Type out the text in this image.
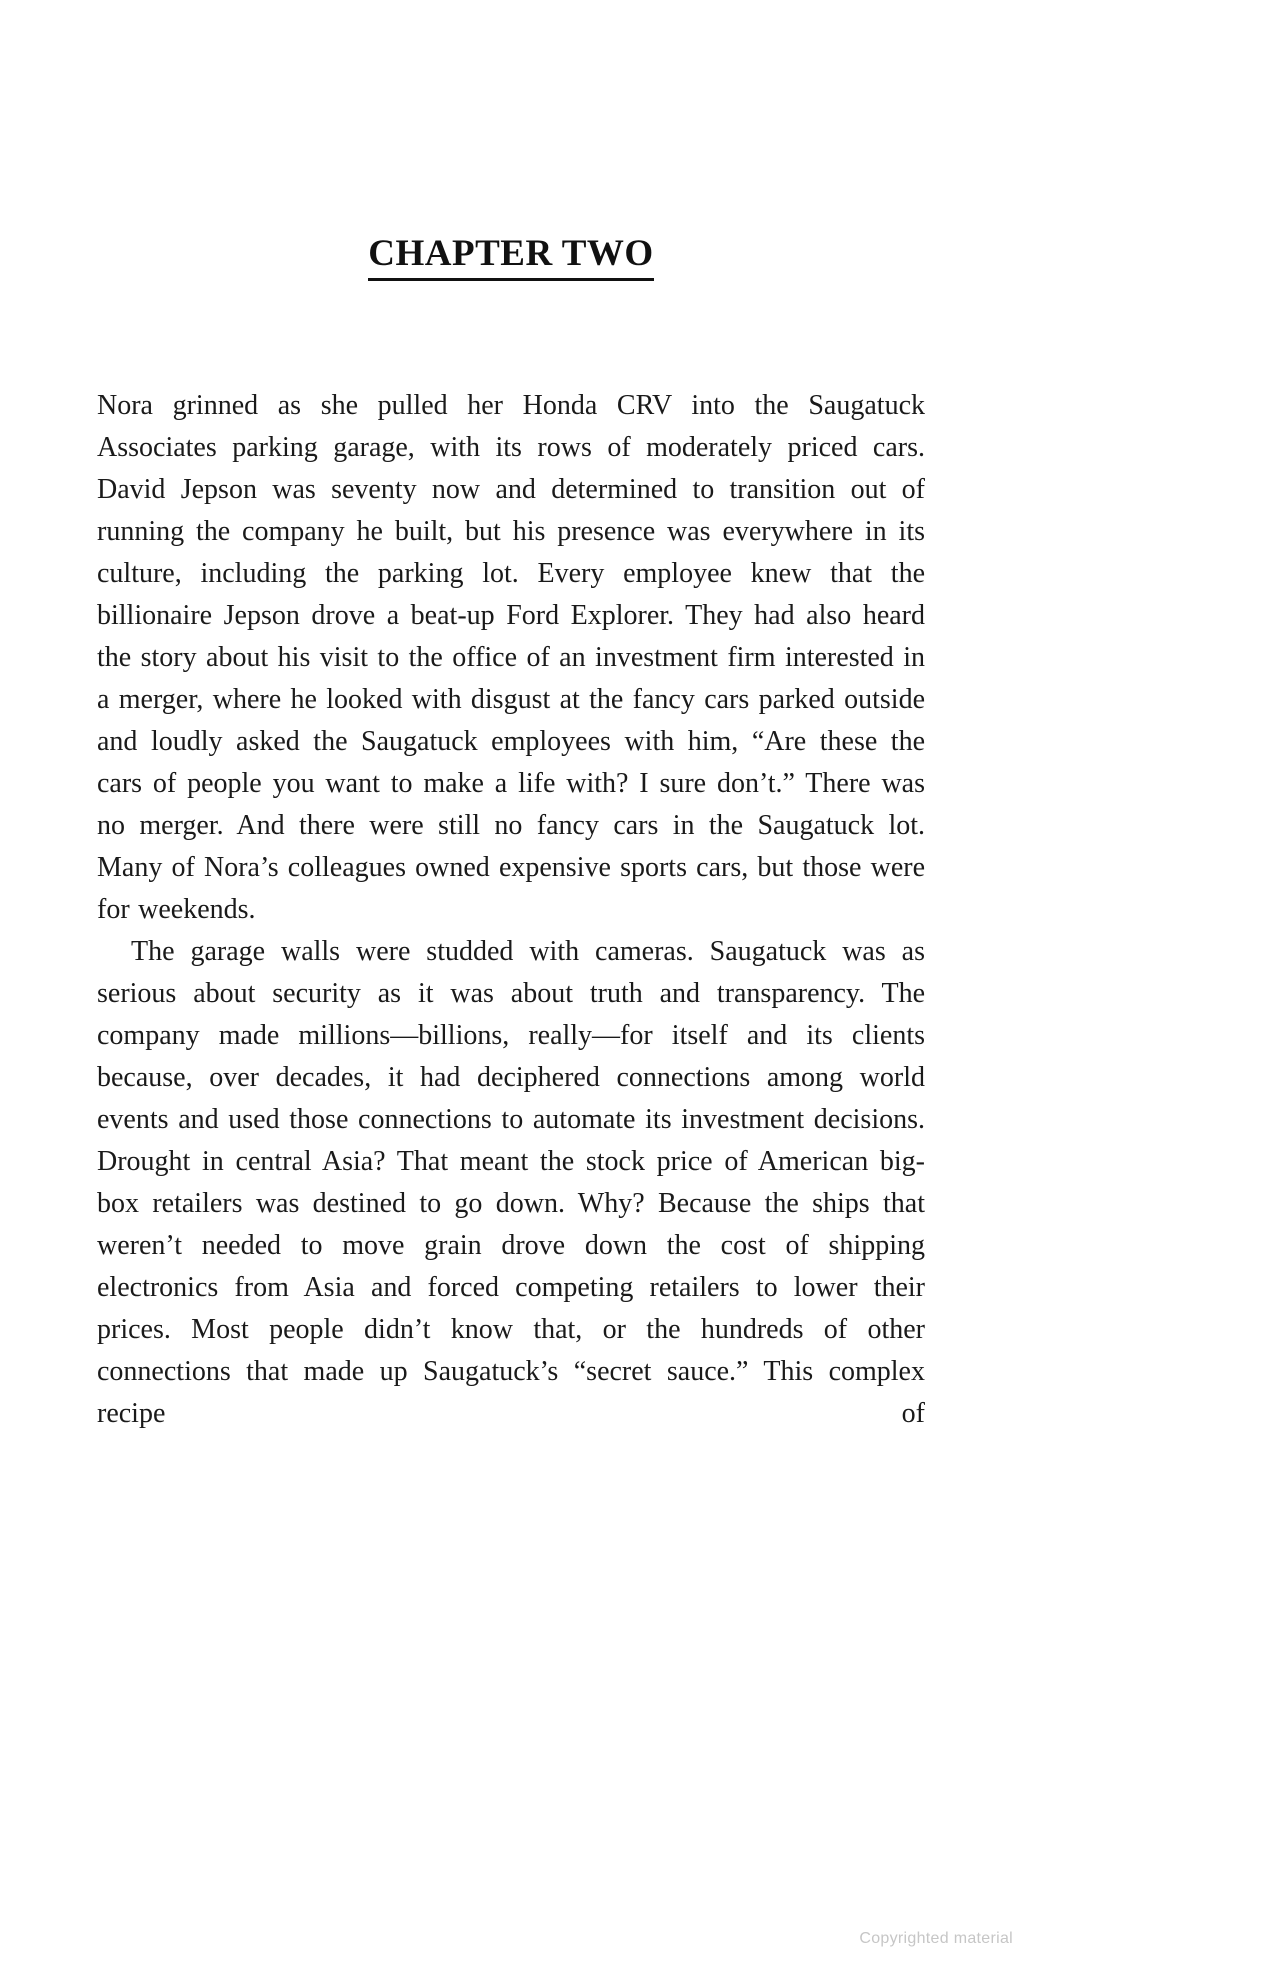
CHAPTER TWO

Nora grinned as she pulled her Honda CRV into the Saugatuck Associates parking garage, with its rows of moderately priced cars. David Jepson was seventy now and determined to transition out of running the company he built, but his presence was everywhere in its culture, including the parking lot. Every employee knew that the billionaire Jepson drove a beat-up Ford Explorer. They had also heard the story about his visit to the office of an investment firm interested in a merger, where he looked with disgust at the fancy cars parked outside and loudly asked the Saugatuck employees with him, “Are these the cars of people you want to make a life with? I sure don’t.” There was no merger. And there were still no fancy cars in the Saugatuck lot. Many of Nora’s colleagues owned expensive sports cars, but those were for weekends.

The garage walls were studded with cameras. Saugatuck was as serious about security as it was about truth and transparency. The company made millions—billions, really—for itself and its clients because, over decades, it had deciphered connections among world events and used those connections to automate its investment decisions. Drought in central Asia? That meant the stock price of American big-box retailers was destined to go down. Why? Because the ships that weren’t needed to move grain drove down the cost of shipping electronics from Asia and forced competing retailers to lower their prices. Most people didn’t know that, or the hundreds of other connections that made up Saugatuck’s “secret sauce.” This complex recipe of

Copyrighted material
